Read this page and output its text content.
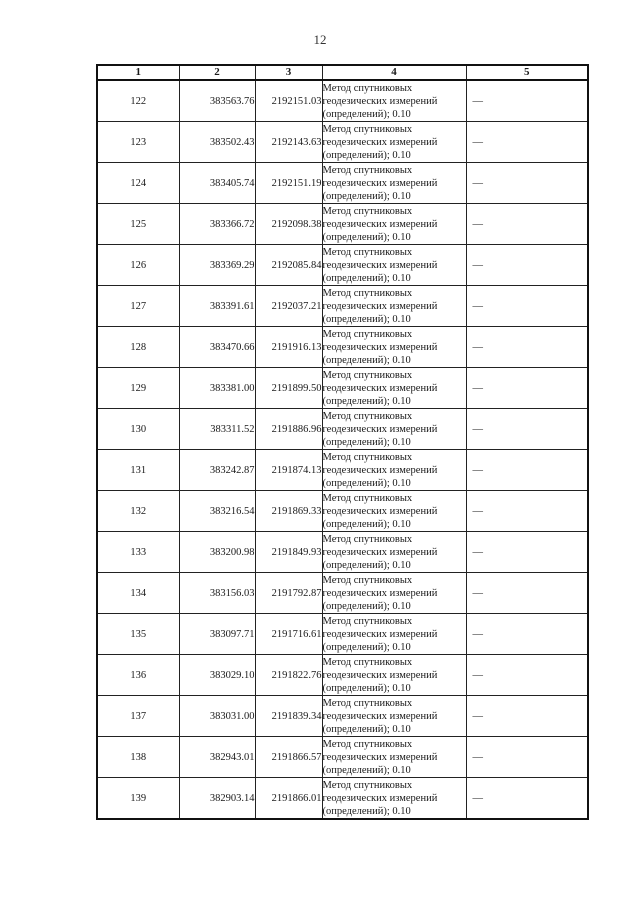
12
1	2	3	4	5
122	383563.76	2192151.03	Метод спутниковых
геодезических измерений
(определений); 0.10	—
123	383502.43	2192143.63	Метод спутниковых
геодезических измерений
(определений); 0.10	—
124	383405.74	2192151.19	Метод спутниковых
геодезических измерений
(определений); 0.10	—
125	383366.72	2192098.38	Метод спутниковых
геодезических измерений
(определений); 0.10	—
126	383369.29	2192085.84	Метод спутниковых
геодезических измерений
(определений); 0.10	—
127	383391.61	2192037.21	Метод спутниковых
геодезических измерений
(определений); 0.10	—
128	383470.66	2191916.13	Метод спутниковых
геодезических измерений
(определений); 0.10	—
129	383381.00	2191899.50	Метод спутниковых
геодезических измерений
(определений); 0.10	—
130	383311.52	2191886.96	Метод спутниковых
геодезических измерений
(определений); 0.10	—
131	383242.87	2191874.13	Метод спутниковых
геодезических измерений
(определений); 0.10	—
132	383216.54	2191869.33	Метод спутниковых
геодезических измерений
(определений); 0.10	—
133	383200.98	2191849.93	Метод спутниковых
геодезических измерений
(определений); 0.10	—
134	383156.03	2191792.87	Метод спутниковых
геодезических измерений
(определений); 0.10	—
135	383097.71	2191716.61	Метод спутниковых
геодезических измерений
(определений); 0.10	—
136	383029.10	2191822.76	Метод спутниковых
геодезических измерений
(определений); 0.10	—
137	383031.00	2191839.34	Метод спутниковых
геодезических измерений
(определений); 0.10	—
138	382943.01	2191866.57	Метод спутниковых
геодезических измерений
(определений); 0.10	—
139	382903.14	2191866.01	Метод спутниковых
геодезических измерений
(определений); 0.10	—
